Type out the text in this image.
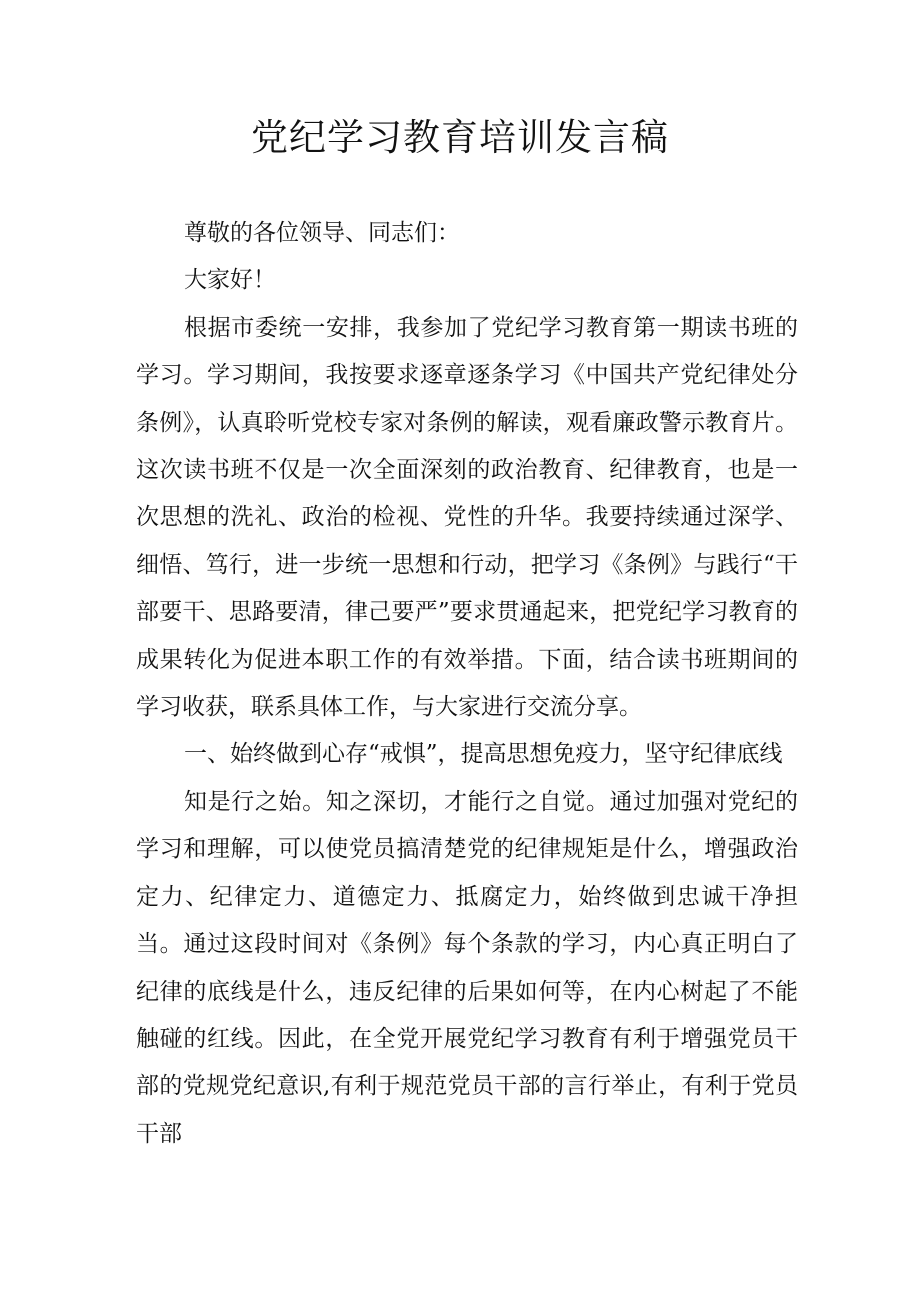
党纪学习教育培训发言稿

尊敬的各位领导、同志们：

大家好！

根据市委统一安排，我参加了党纪学习教育第一期读书班的学习。学习期间，我按要求逐章逐条学习《中国共产党纪律处分条例》，认真聆听党校专家对条例的解读，观看廉政警示教育片。这次读书班不仅是一次全面深刻的政治教育、纪律教育，也是一次思想的洗礼、政治的检视、党性的升华。我要持续通过深学、细悟、笃行，进一步统一思想和行动，把学习《条例》与践行“干部要干、思路要清，律己要严”要求贯通起来，把党纪学习教育的成果转化为促进本职工作的有效举措。下面，结合读书班期间的学习收获，联系具体工作，与大家进行交流分享。

一、始终做到心存“戒惧”，提高思想免疫力，坚守纪律底线

知是行之始。知之深切，才能行之自觉。通过加强对党纪的学习和理解，可以使党员搞清楚党的纪律规矩是什么，增强政治定力、纪律定力、道德定力、抵腐定力，始终做到忠诚干净担当。通过这段时间对《条例》每个条款的学习，内心真正明白了纪律的底线是什么，违反纪律的后果如何等，在内心树起了不能触碰的红线。因此，在全党开展党纪学习教育有利于增强党员干部的党规党纪意识,有利于规范党员干部的言行举止，有利于党员干部
